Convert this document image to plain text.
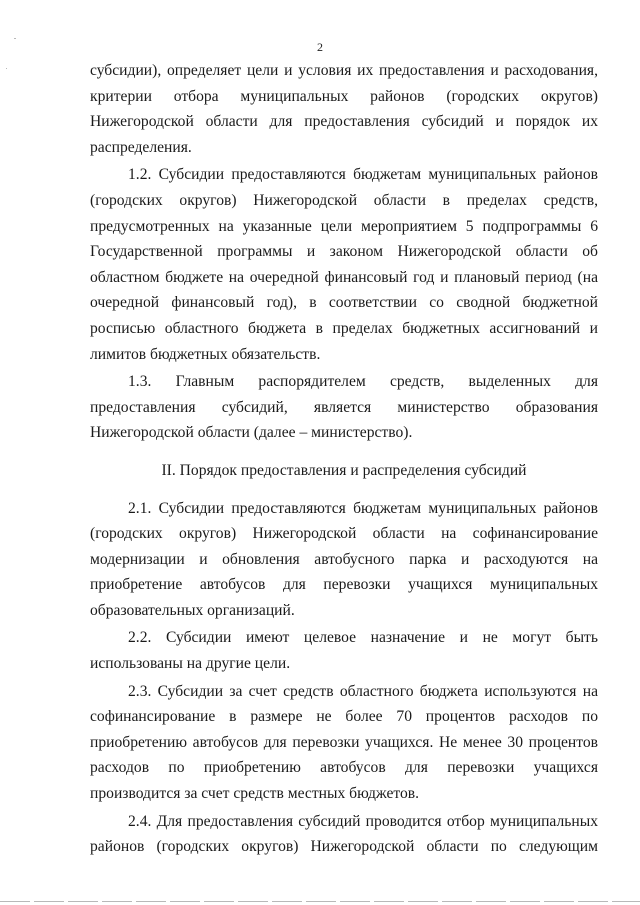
2

субсидии), определяет цели и условия их предоставления и расходования, критерии отбора муниципальных районов (городских округов) Нижегородской области для предоставления субсидий и порядок их распределения.

1.2. Субсидии предоставляются бюджетам муниципальных районов (городских округов) Нижегородской области в пределах средств, предусмотренных на указанные цели мероприятием 5 подпрограммы 6 Государственной программы и законом Нижегородской области об областном бюджете на очередной финансовый год и плановый период (на очередной финансовый год), в соответствии со сводной бюджетной росписью областного бюджета в пределах бюджетных ассигнований и лимитов бюджетных обязательств.

1.3. Главным распорядителем средств, выделенных для предоставления субсидий, является министерство образования Нижегородской области (далее – министерство).

II. Порядок предоставления и распределения субсидий

2.1. Субсидии предоставляются бюджетам муниципальных районов (городских округов) Нижегородской области на софинансирование модернизации и обновления автобусного парка и расходуются на приобретение автобусов для перевозки учащихся муниципальных образовательных организаций.

2.2. Субсидии имеют целевое назначение и не могут быть использованы на другие цели.

2.3. Субсидии за счет средств областного бюджета используются на софинансирование в размере не более 70 процентов расходов по приобретению автобусов для перевозки учащихся. Не менее 30 процентов расходов по приобретению автобусов для перевозки учащихся производится за счет средств местных бюджетов.

2.4. Для предоставления субсидий проводится отбор муниципальных районов (городских округов) Нижегородской области по следующим
